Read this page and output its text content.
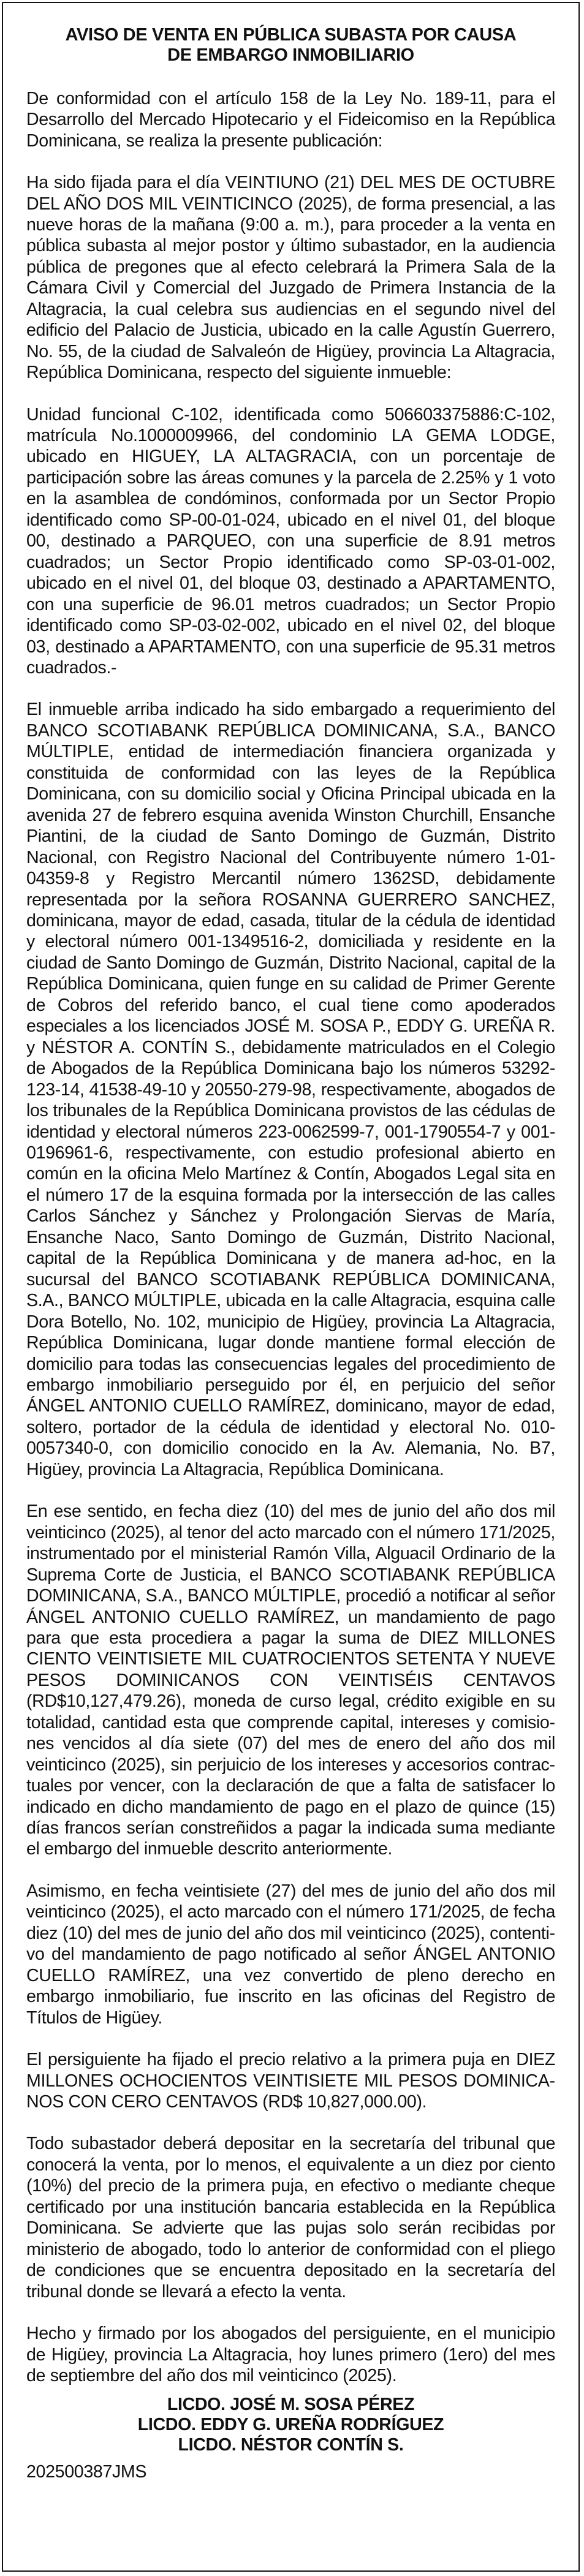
AVISO DE VENTA EN PÚBLICA SUBASTA POR CAUSA
DE EMBARGO INMOBILIARIO

De conformidad con el artículo 158 de la Ley No. 189-11, para el Desarrollo del Mercado Hipotecario y el Fideicomiso en la República Dominicana, se realiza la presente publicación:

Ha sido fijada para el día VEINTIUNO (21) DEL MES DE OCTUBRE DEL AÑO DOS MIL VEINTICINCO (2025), de forma presencial, a las nueve horas de la mañana (9:00 a. m.), para proceder a la venta en pública subasta al mejor postor y último subastador, en la audiencia pública de pregones que al efecto celebrará la Primera Sala de la Cámara Civil y Comercial del Juzgado de Primera Instancia de la Altagracia, la cual celebra sus audiencias en el segundo nivel del edificio del Palacio de Justicia, ubicado en la calle Agustín Guerrero, No. 55, de la ciudad de Salvaleón de Higüey, provincia La Altagracia, República Dominicana, respecto del siguiente inmueble:

Unidad funcional C-102, identificada como 506603375886:C-102, matrícula No.1000009966, del condominio LA GEMA LODGE, ubicado en HIGUEY, LA ALTAGRACIA, con un porcentaje de participación sobre las áreas comunes y la parcela de 2.25% y 1 voto en la asamblea de condóminos, conformada por un Sector Propio identificado como SP-00-01-024, ubicado en el nivel 01, del bloque 00, destinado a PARQUEO, con una superficie de 8.91 metros cuadrados; un Sector Propio identificado como SP-03-01-002, ubicado en el nivel 01, del bloque 03, destinado a APARTAMENTO, con una superficie de 96.01 metros cuadrados; un Sector Propio identificado como SP-03-02-002, ubicado en el nivel 02, del bloque 03, destinado a APARTAMENTO, con una superficie de 95.31 metros cuadrados.-

El inmueble arriba indicado ha sido embargado a requerimiento del BANCO SCOTIABANK REPÚBLICA DOMINICANA, S.A., BANCO MÚLTIPLE, entidad de intermediación financiera organizada y constituida de conformidad con las leyes de la República Dominicana, con su domicilio social y Oficina Principal ubicada en la avenida 27 de febrero esquina avenida Winston Churchill, Ensanche Piantini, de la ciudad de Santo Domingo de Guzmán, Distrito Nacional, con Registro Nacional del Contribuyente número 1-01-04359-8 y Registro Mercantil número 1362SD, debidamente representada por la señora ROSANNA GUERRERO SANCHEZ, dominicana, mayor de edad, casada, titular de la cédula de identidad y electoral número 001-1349516-2, domiciliada y residente en la ciudad de Santo Domingo de Guzmán, Distrito Nacional, capital de la República Dominicana, quien funge en su calidad de Primer Gerente de Cobros del referido banco, el cual tiene como apoderados especiales a los licenciados JOSÉ M. SOSA P., EDDY G. UREÑA R. y NÉSTOR A. CONTÍN S., debidamente matriculados en el Colegio de Abogados de la República Dominicana bajo los números 53292-123-14, 41538-49-10 y 20550-279-98, respectivamente, abogados de los tribunales de la República Dominicana provistos de las cédulas de identidad y electoral números 223-0062599-7, 001-1790554-7 y 001-0196961-6, respectivamente, con estudio profesional abierto en común en la oficina Melo Martínez & Contín, Abogados Legal sita en el número 17 de la esquina formada por la intersección de las calles Carlos Sánchez y Sánchez y Prolongación Siervas de María, Ensanche Naco, Santo Domingo de Guzmán, Distrito Nacional, capital de la República Dominicana y de manera ad-hoc, en la sucursal del BANCO SCOTIABANK REPÚBLICA DOMINICANA, S.A., BANCO MÚLTIPLE, ubicada en la calle Altagracia, esquina calle Dora Botello, No. 102, municipio de Higüey, provincia La Altagracia, República Dominicana, lugar donde mantiene formal elección de domicilio para todas las consecuencias legales del procedimiento de embargo inmobiliario perseguido por él, en perjuicio del señor ÁNGEL ANTONIO CUELLO RAMÍREZ, dominicano, mayor de edad, soltero, portador de la cédula de identidad y electoral No. 010-0057340-0, con domicilio conocido en la Av. Alemania, No. B7, Higüey, provincia La Altagracia, República Dominicana.

En ese sentido, en fecha diez (10) del mes de junio del año dos mil veinticinco (2025), al tenor del acto marcado con el número 171/2025, instrumentado por el ministerial Ramón Villa, Alguacil Ordinario de la Suprema Corte de Justicia, el BANCO SCOTIABANK REPÚBLICA DOMINICANA, S.A., BANCO MÚLTIPLE, procedió a notificar al señor ÁNGEL ANTONIO CUELLO RAMÍREZ, un mandamiento de pago para que esta procediera a pagar la suma de DIEZ MILLONES CIENTO VEINTISIETE MIL CUATROCIENTOS SETENTA Y NUEVE PESOS DOMINICANOS CON VEINTISÉIS CENTAVOS (RD$10,127,479.26), moneda de curso legal, crédito exigible en su totalidad, cantidad esta que comprende capital, intereses y comisiones vencidos al día siete (07) del mes de enero del año dos mil veinticinco (2025), sin perjuicio de los intereses y accesorios contractuales por vencer, con la declaración de que a falta de satisfacer lo indicado en dicho mandamiento de pago en el plazo de quince (15) días francos serían constreñidos a pagar la indicada suma mediante el embargo del inmueble descrito anteriormente.

Asimismo, en fecha veintisiete (27) del mes de junio del año dos mil veinticinco (2025), el acto marcado con el número 171/2025, de fecha diez (10) del mes de junio del año dos mil veinticinco (2025), contentivo del mandamiento de pago notificado al señor ÁNGEL ANTONIO CUELLO RAMÍREZ, una vez convertido de pleno derecho en embargo inmobiliario, fue inscrito en las oficinas del Registro de Títulos de Higüey.

El persiguiente ha fijado el precio relativo a la primera puja en DIEZ MILLONES OCHOCIENTOS VEINTISIETE MIL PESOS DOMINICANOS CON CERO CENTAVOS (RD$ 10,827,000.00).

Todo subastador deberá depositar en la secretaría del tribunal que conocerá la venta, por lo menos, el equivalente a un diez por ciento (10%) del precio de la primera puja, en efectivo o mediante cheque certificado por una institución bancaria establecida en la República Dominicana. Se advierte que las pujas solo serán recibidas por ministerio de abogado, todo lo anterior de conformidad con el pliego de condiciones que se encuentra depositado en la secretaría del tribunal donde se llevará a efecto la venta.

Hecho y firmado por los abogados del persiguiente, en el municipio de Higüey, provincia La Altagracia, hoy lunes primero (1ero) del mes de septiembre del año dos mil veinticinco (2025).

LICDO. JOSÉ M. SOSA PÉREZ
LICDO. EDDY G. UREÑA RODRÍGUEZ
LICDO. NÉSTOR CONTÍN S.
202500387JMS
